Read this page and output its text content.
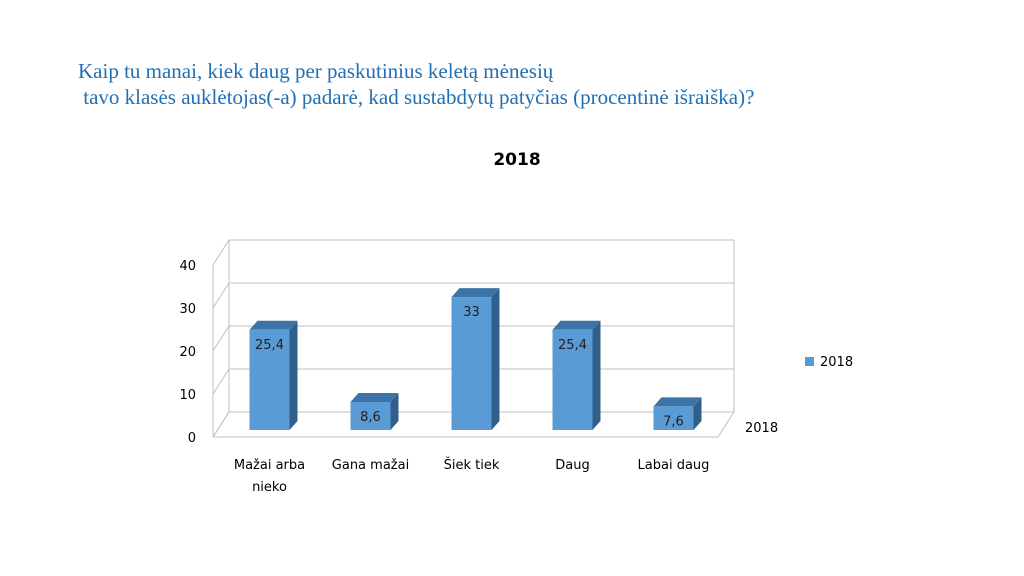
Kaip tu manai, kiek daug per paskutinius keletą mėnesių
tavo klasės auklėtojas(-a) padarė, kad sustabdytų patyčias (procentinė išraiška)?
0
10
20
30
40
25,4
8,6
33
25,4
7,6
Mažai arba nieko
Gana mažai	Šiek tiek	Daug	Labai daug
2018
2018
2018
